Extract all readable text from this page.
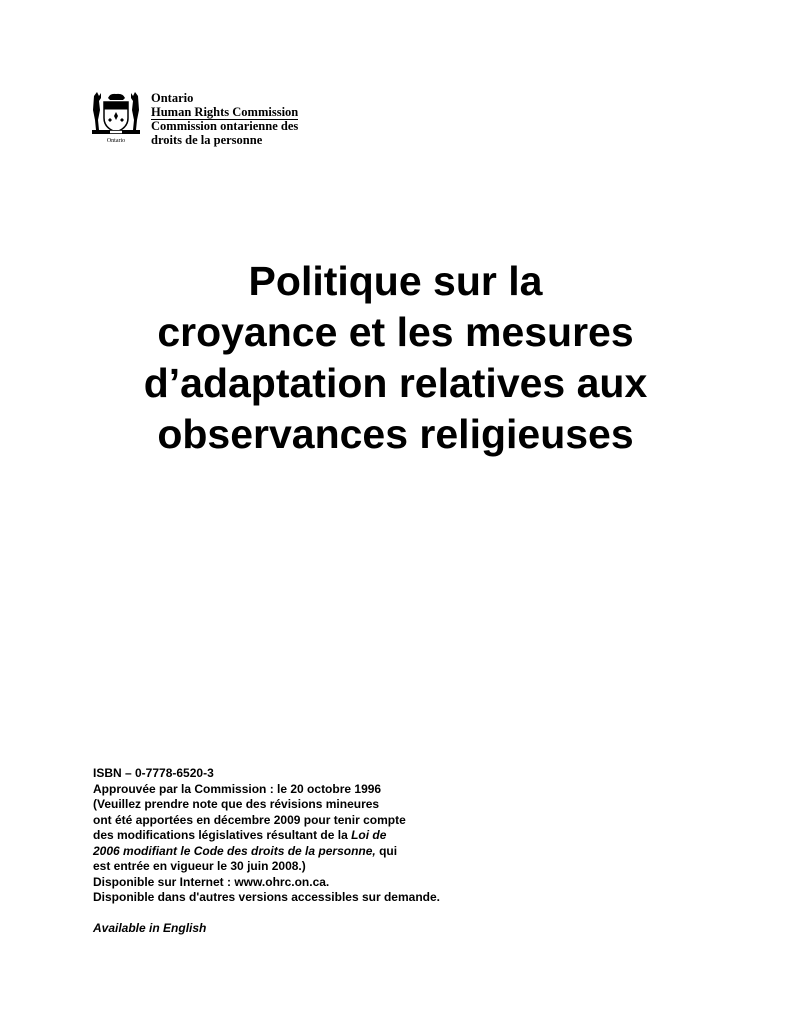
Ontario
Ontario
Human Rights Commission
Commission ontarienne des
droits de la personne
Politique sur la
croyance et les mesures
d’adaptation relatives aux
observances religieuses
ISBN – 0-7778-6520-3
Approuvée par la Commission : le 20 octobre 1996
(Veuillez prendre note que des révisions mineures
ont été apportées en décembre 2009 pour tenir compte
des modifications législatives résultant de la Loi de
2006 modifiant le Code des droits de la personne, qui
est entrée en vigueur le 30 juin 2008.)
Disponible sur Internet : www.ohrc.on.ca.
Disponible dans d'autres versions accessibles sur demande.
Available in English
